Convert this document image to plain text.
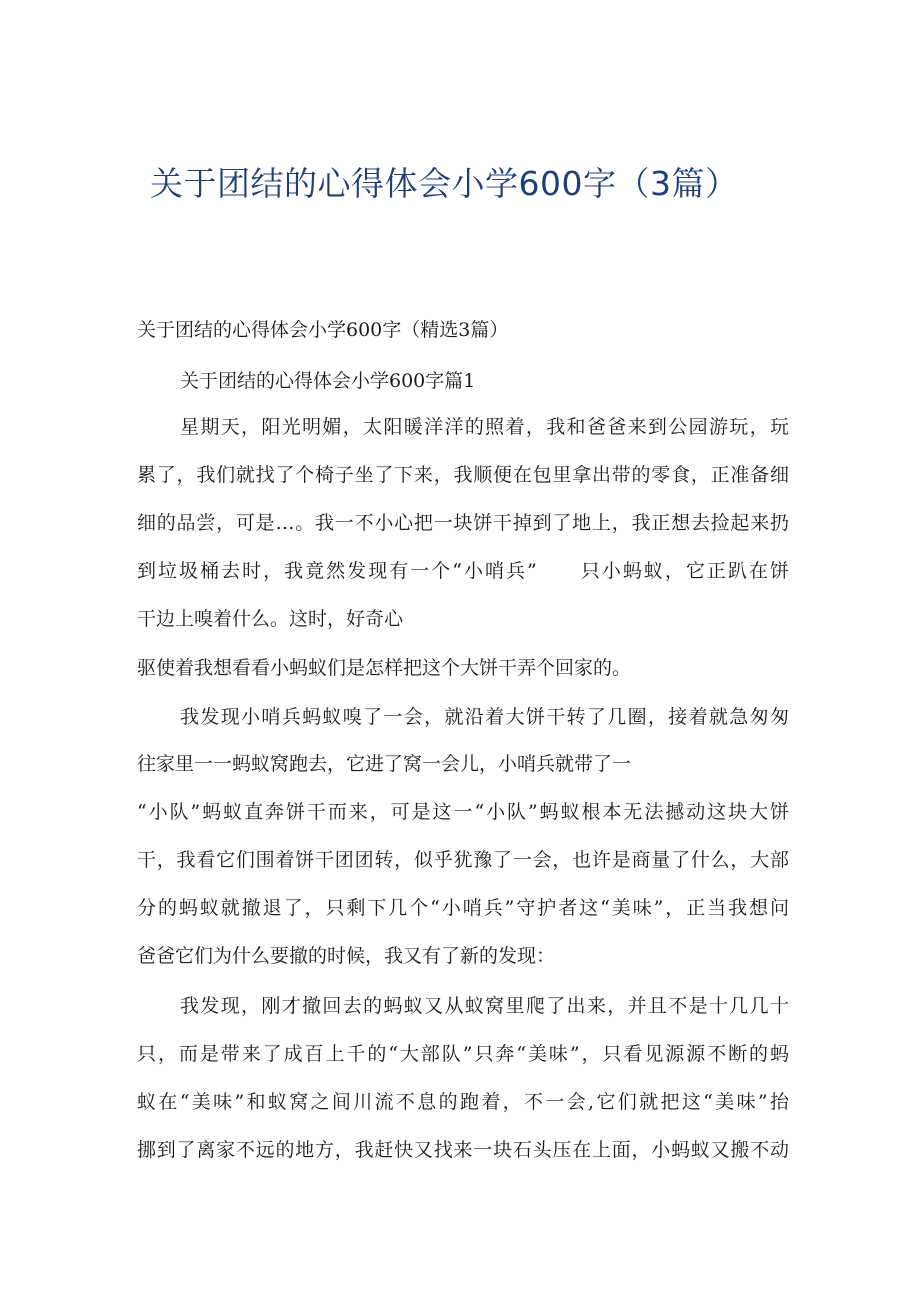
关于团结的心得体会小学600字（3篇）
关于团结的心得体会小学600字（精选3篇）
关于团结的心得体会小学600字篇1
星期天，阳光明媚，太阳暖洋洋的照着，我和爸爸来到公园游玩，玩
累了，我们就找了个椅子坐了下来，我顺便在包里拿出带的零食，正准备细
细的品尝，可是…。我一不小心把一块饼干掉到了地上，我正想去捡起来扔
到垃圾桶去时，我竟然发现有一个“小哨兵”　　只小蚂蚁，它正趴在饼
干边上嗅着什么。这时，好奇心
驱使着我想看看小蚂蚁们是怎样把这个大饼干弄个回家的。
我发现小哨兵蚂蚁嗅了一会，就沿着大饼干转了几圈，接着就急匆匆
往家里一一蚂蚁窝跑去，它进了窝一会儿，小哨兵就带了一
“小队”蚂蚁直奔饼干而来，可是这一“小队”蚂蚁根本无法撼动这块大饼
干，我看它们围着饼干团团转，似乎犹豫了一会，也许是商量了什么，大部
分的蚂蚁就撤退了，只剩下几个“小哨兵”守护者这“美味”，正当我想问
爸爸它们为什么要撤的时候，我又有了新的发现：
我发现，刚才撤回去的蚂蚁又从蚁窝里爬了出来，并且不是十几几十
只，而是带来了成百上千的“大部队”只奔“美味”，只看见源源不断的蚂
蚁在“美味”和蚁窝之间川流不息的跑着，不一会,它们就把这“美味”抬
挪到了离家不远的地方，我赶快又找来一块石头压在上面，小蚂蚁又搬不动
